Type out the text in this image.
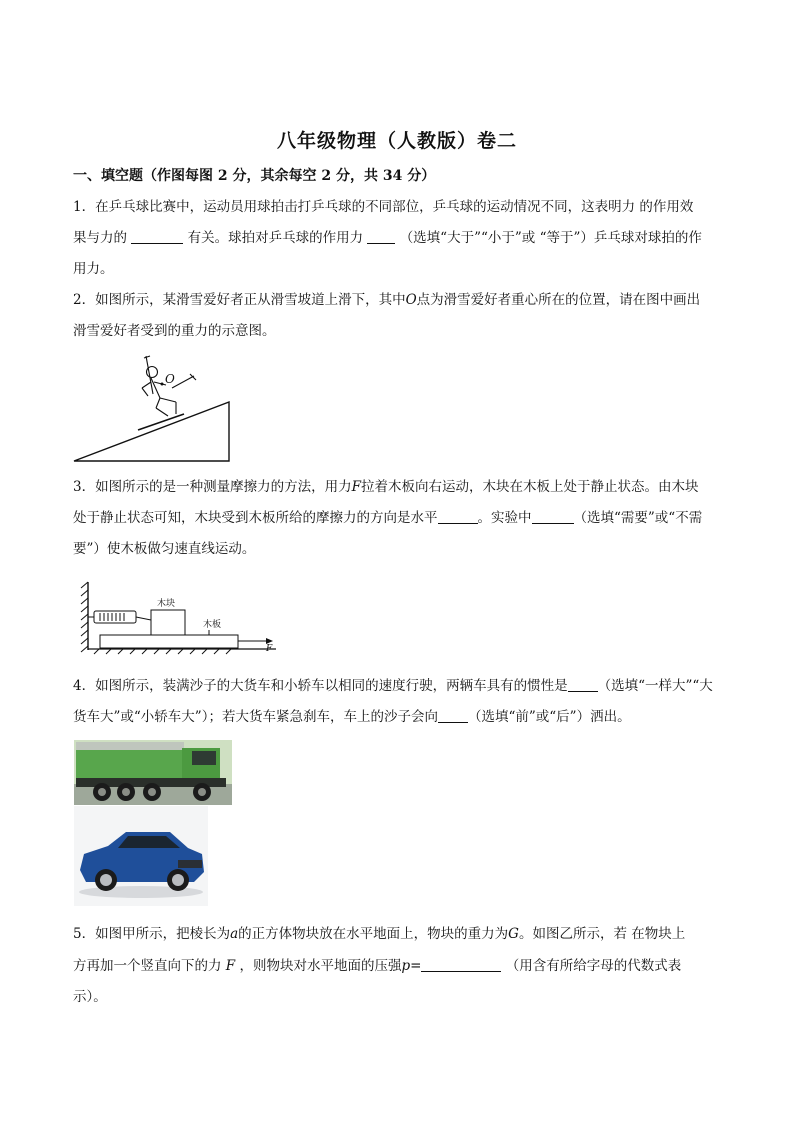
八年级物理（人教版）卷二
一、填空题（作图每图 2 分，其余每空 2 分，共 34 分）
1．在乒乓球比赛中，运动员用球拍击打乒乓球的不同部位，乒乓球的运动情况不同，这表明力 的作用效
果与力的	有关。球拍对乒乓球的作用力	（选填“大于”“小于”或 “等于”）乒乓球对球拍的作
用力。
2．如图所示，某滑雪爱好者正从滑雪坡道上滑下，其中O点为滑雪爱好者重心所在的位置，请在图中画出
滑雪爱好者受到的重力的示意图。
O
3．如图所示的是一种测量摩擦力的方法，用力F拉着木板向右运动，木块在木板上处于静止状态。由木块
处于静止状态可知，木块受到木板所给的摩擦力的方向是水平	。实验中	（选填“需要”或“不需
要”）使木板做匀速直线运动。
木块
木板
F
4．如图所示，装满沙子的大货车和小轿车以相同的速度行驶，两辆车具有的惯性是 （选填“一样大”“大
货车大”或“小轿车大”）；若大货车紧急刹车，车上的沙子会向 （选填“前”或“后”）洒出。
5．如图甲所示，把棱长为a的正方体物块放在水平地面上，物块的重力为G。如图乙所示，若 在物块上
方再加一个竖直向下的力 F ，则物块对水平地面的压强p=	（用含有所给字母的代数式表
示）。
